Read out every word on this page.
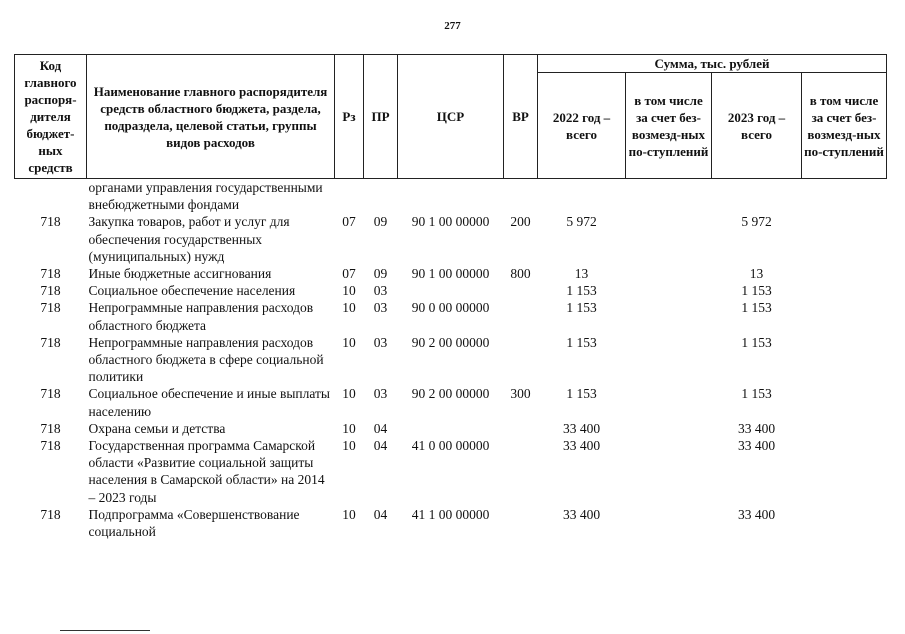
277
Код главного распоря-дителя бюджет-ных средств	Наименование главного распорядителя средств областного бюджета, раздела, подраздела, целевой статьи, группы видов расходов	Рз	ПР	ЦСР	ВР	Сумма, тыс. рублей			
						2022 год – всего	в том числе за счет без-возмезд-ных по-ступлений	2023 год – всего	в том числе за счет без-возмезд-ных по-ступлений
	органами управления государственными внебюджетными фондами								
718	Закупка товаров, работ и услуг для обеспечения государственных (муниципальных) нужд	07	09	90 1 00 00000	200	5 972		5 972	
718	Иные бюджетные ассигнования	07	09	90 1 00 00000	800	13		13	
718	Социальное обеспечение населения	10	03			1 153		1 153	
718	Непрограммные направления расходов областного бюджета	10	03	90 0 00 00000		1 153		1 153	
718	Непрограммные направления расходов областного бюджета в сфере социальной политики	10	03	90 2 00 00000		1 153		1 153	
718	Социальное обеспечение и иные выплаты населению	10	03	90 2 00 00000	300	1 153		1 153	
718	Охрана семьи и детства	10	04			33 400		33 400	
718	Государственная программа Самарской области «Развитие социальной защиты населения в Самарской области» на 2014 – 2023 годы	10	04	41 0 00 00000		33 400		33 400	
718	Подпрограмма «Совершенствование социальной	10	04	41 1 00 00000		33 400		33 400	
